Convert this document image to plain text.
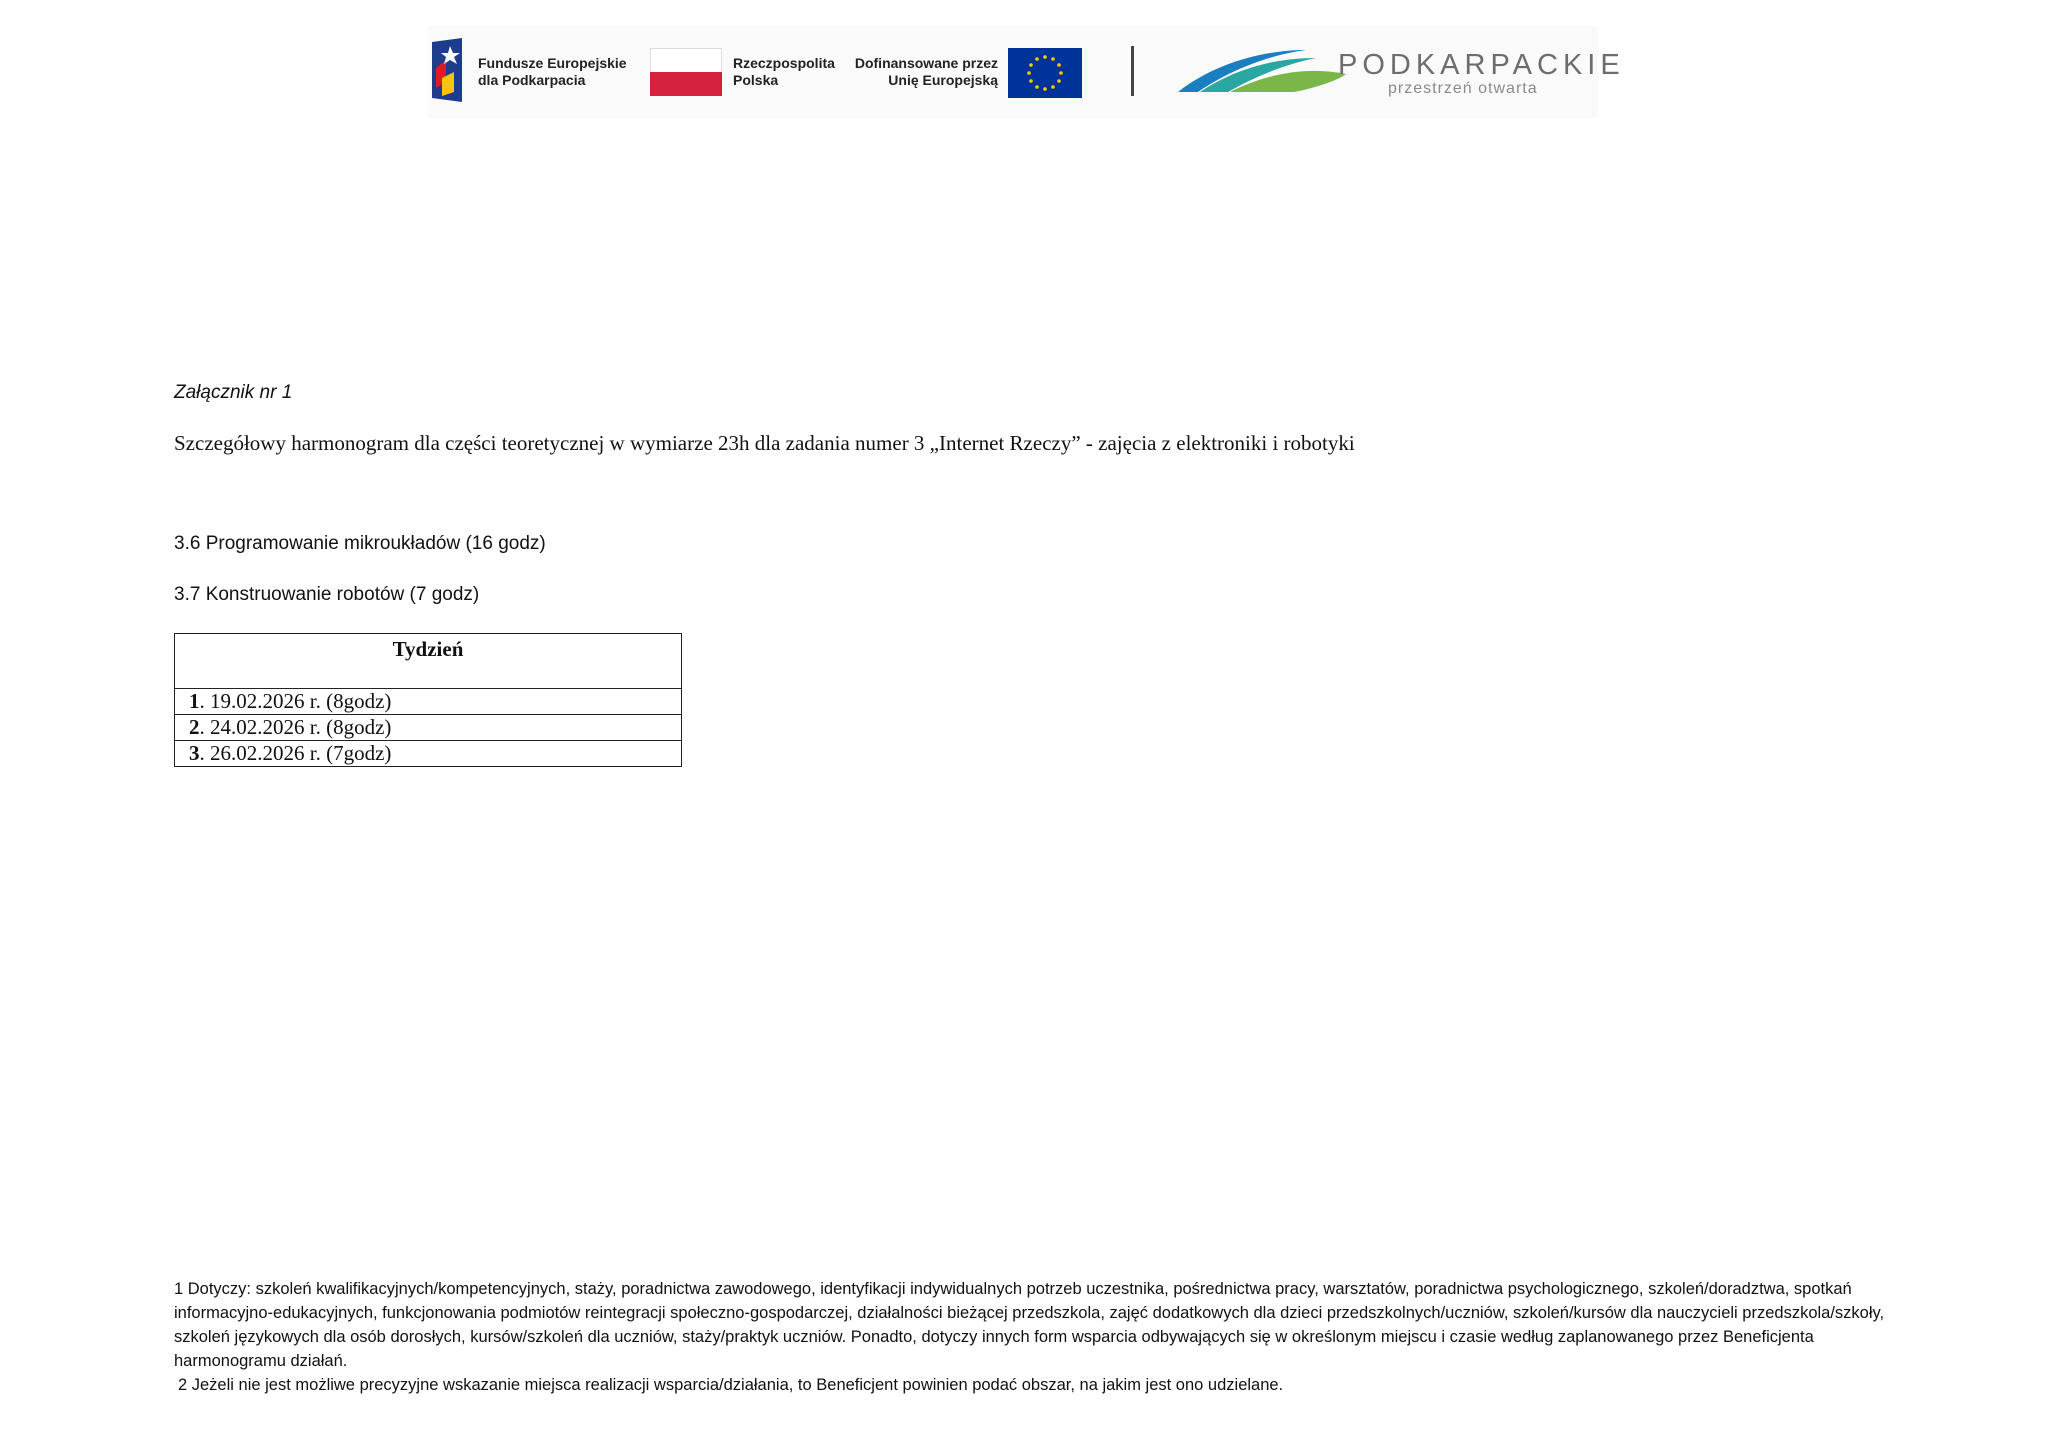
Fundusze Europejskie
dla Podkarpacia
Rzeczpospolita
Polska
Dofinansowane przez
Unię Europejską	PODKARPACKIE
przestrzeń otwarta
Załącznik nr 1
Szczegółowy harmonogram dla części teoretycznej w wymiarze 23h dla zadania numer 3 „Internet Rzeczy” - zajęcia z elektroniki i robotyki
3.6 Programowanie mikroukładów (16 godz)
3.7 Konstruowanie robotów (7 godz)
Tydzień
1. 19.02.2026 r. (8godz)
2. 24.02.2026 r. (8godz)
3. 26.02.2026 r. (7godz)

1 Dotyczy: szkoleń kwalifikacyjnych/kompetencyjnych, staży, poradnictwa zawodowego, identyfikacji indywidualnych potrzeb uczestnika, pośrednictwa pracy, warsztatów, poradnictwa psychologicznego, szkoleń/doradztwa, spotkań informacyjno-edukacyjnych, funkcjonowania podmiotów reintegracji społeczno-gospodarczej, działalności bieżącej przedszkola, zajęć dodatkowych dla dzieci przedszkolnych/uczniów, szkoleń/kursów dla nauczycieli przedszkola/szkoły, szkoleń językowych dla osób dorosłych, kursów/szkoleń dla uczniów, staży/praktyk uczniów. Ponadto, dotyczy innych form wsparcia odbywających się w określonym miejscu i czasie według zaplanowanego przez Beneficjenta harmonogramu działań.

2 Jeżeli nie jest możliwe precyzyjne wskazanie miejsca realizacji wsparcia/działania, to Beneficjent powinien podać obszar, na jakim jest ono udzielane.
